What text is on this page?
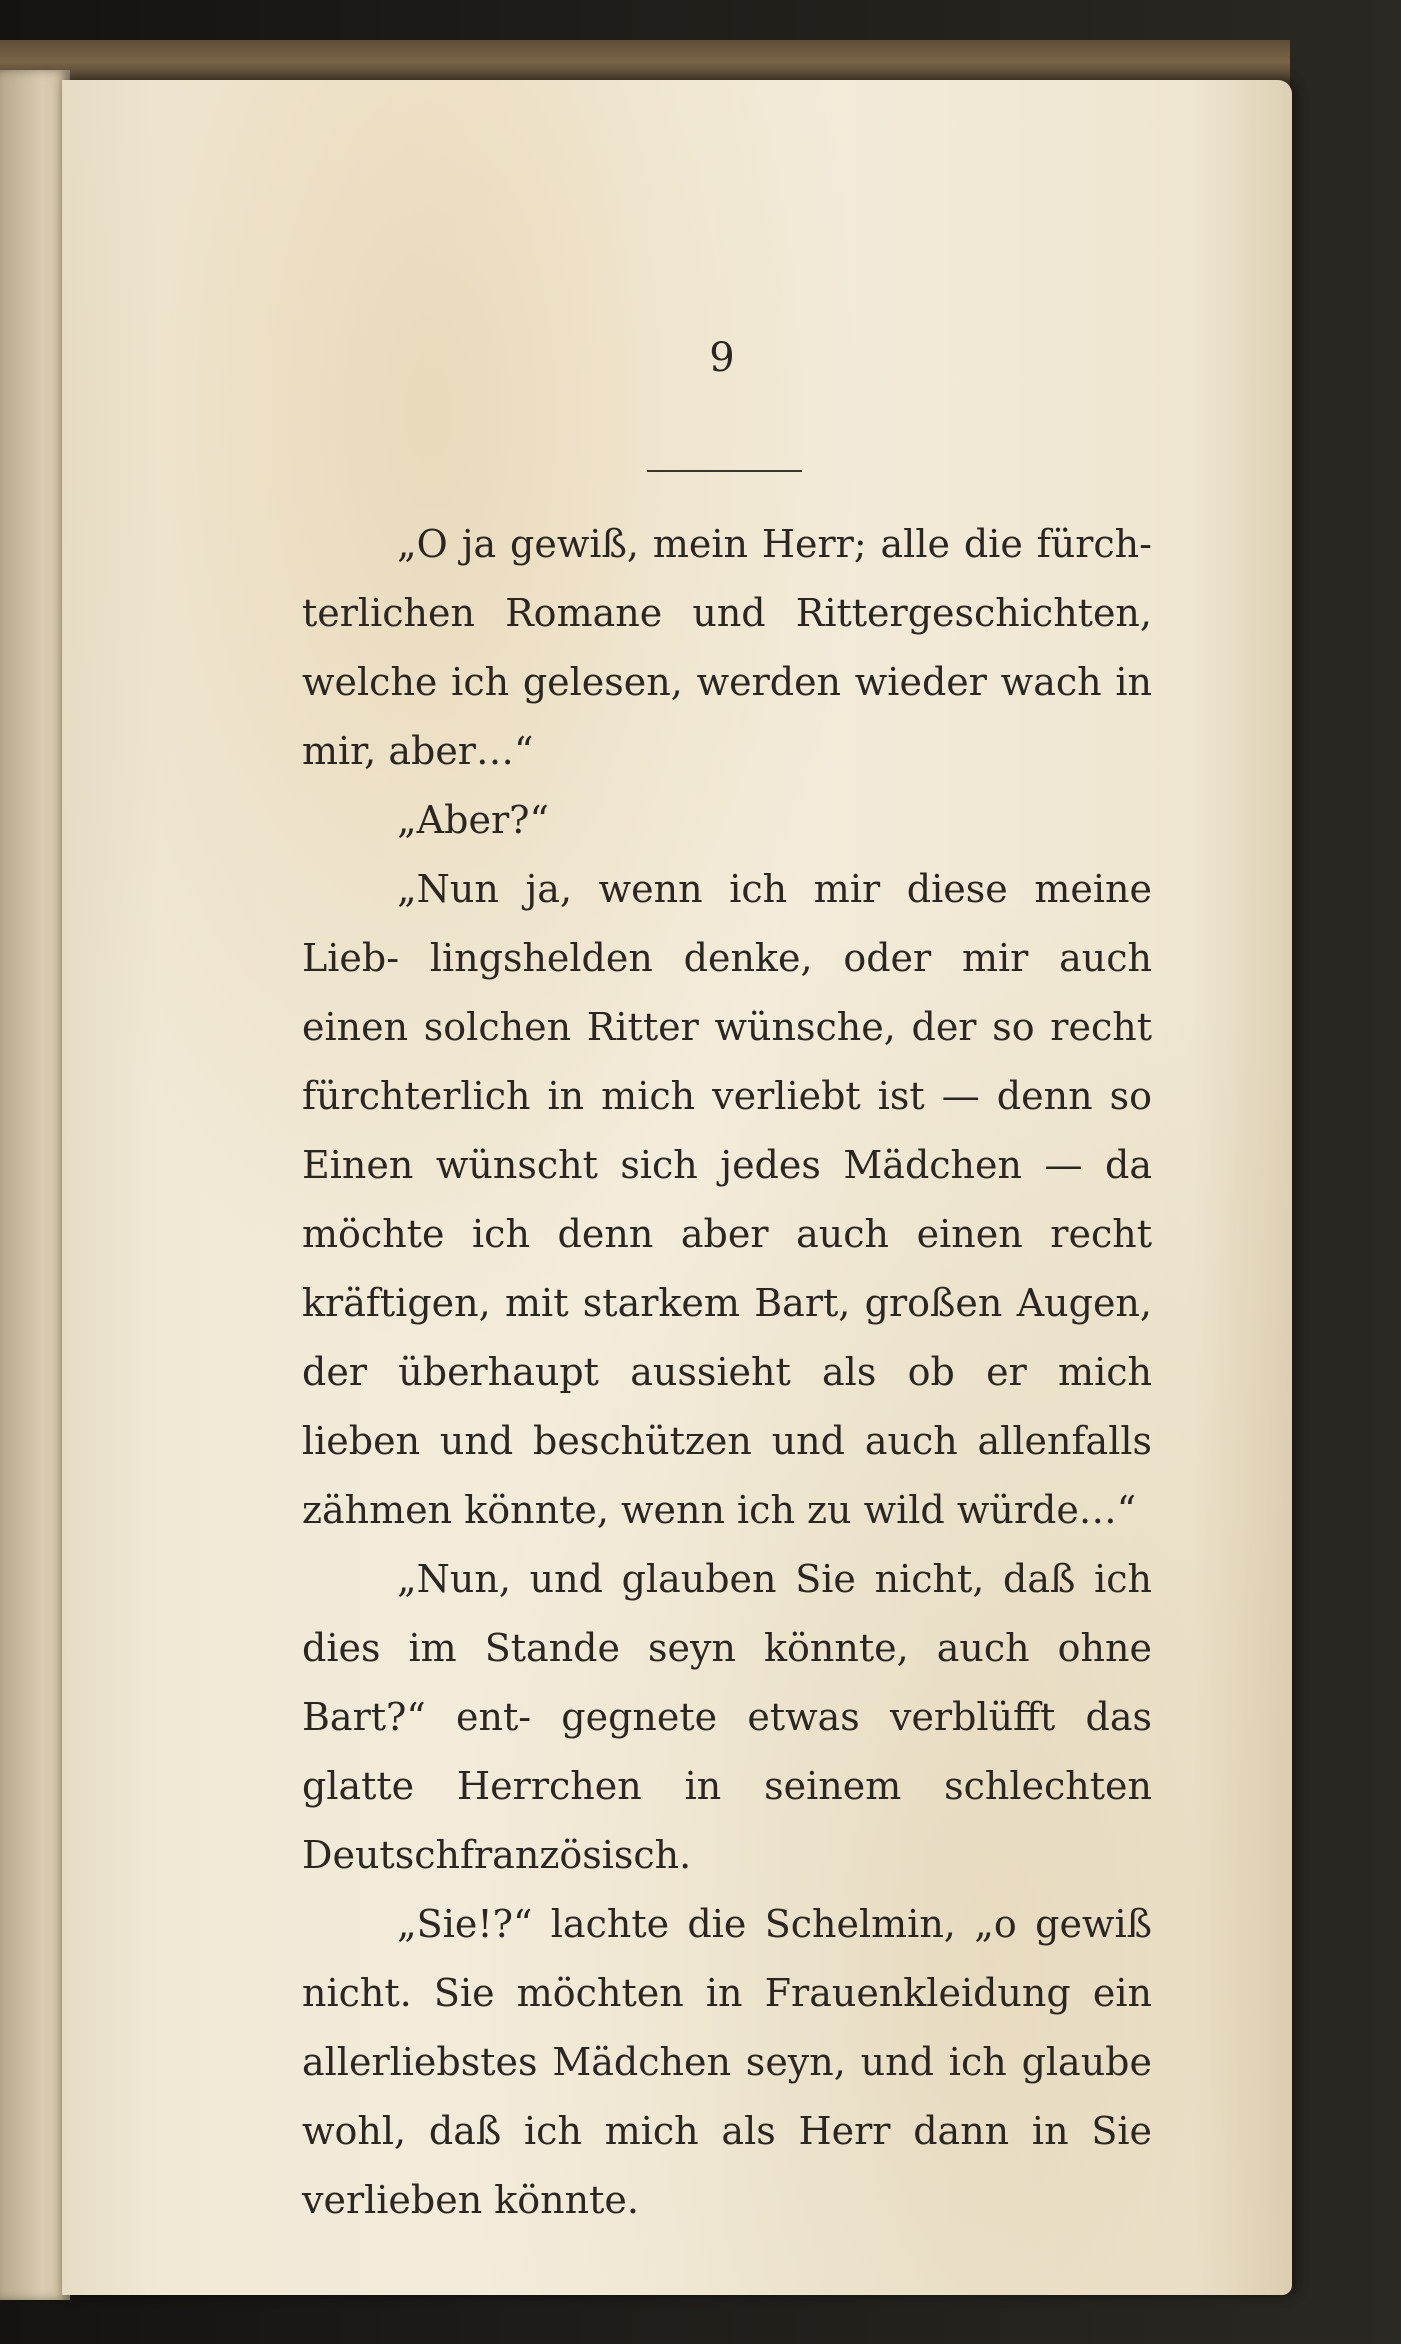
9

„O ja gewiß, mein Herr; alle die fürch- terlichen Romane und Rittergeschichten, welche ich gelesen, werden wieder wach in mir, aber…“

„Aber?“

„Nun ja, wenn ich mir diese meine Lieb- lingshelden denke, oder mir auch einen solchen Ritter wünsche, der so recht fürchterlich in mich verliebt ist — denn so Einen wünscht sich jedes Mädchen — da möchte ich denn aber auch einen recht kräftigen, mit starkem Bart, großen Augen, der überhaupt aussieht als ob er mich lieben und beschützen und auch allenfalls zähmen könnte, wenn ich zu wild würde…“

„Nun, und glauben Sie nicht, daß ich dies im Stande seyn könnte, auch ohne Bart?“ ent- gegnete etwas verblüfft das glatte Herrchen in seinem schlechten Deutschfranzösisch.

„Sie!?“ lachte die Schelmin, „o gewiß nicht. Sie möchten in Frauenkleidung ein allerliebstes Mädchen seyn, und ich glaube wohl, daß ich mich als Herr dann in Sie verlieben könnte.
